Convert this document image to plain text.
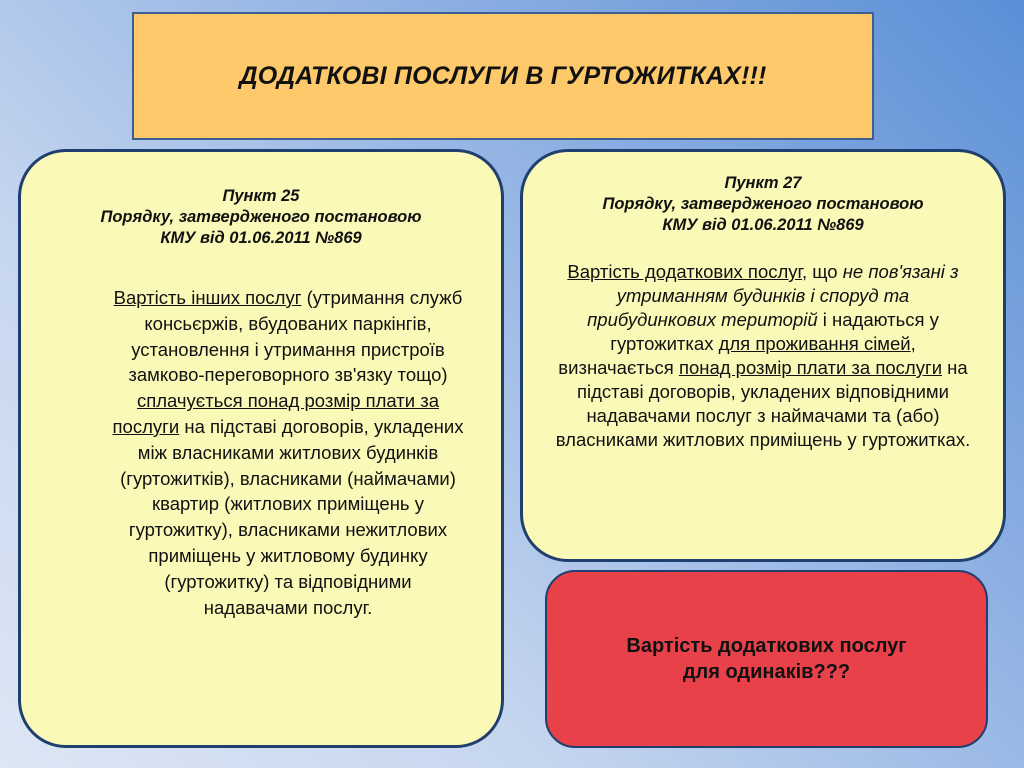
ДОДАТКОВІ ПОСЛУГИ В ГУРТОЖИТКАХ!!!
Пункт 25
Порядку, затвердженого постановою
КМУ від 01.06.2011 №869
Вартість інших послуг (утримання служб консьєржів, вбудованих паркінгів, установлення і утримання пристроїв замково-переговорного зв'язку тощо) сплачується понад розмір плати за послуги на підставі договорів, укладених між власниками житлових будинків (гуртожитків), власниками (наймачами) квартир (житлових приміщень у гуртожитку), власниками нежитлових приміщень у житловому будинку (гуртожитку) та відповідними надавачами послуг.
Пункт 27
Порядку, затвердженого постановою
КМУ від 01.06.2011 №869
Вартість додаткових послуг, що не пов'язані з утриманням будинків і споруд та прибудинкових територій і надаються у гуртожитках для проживання сімей, визначається понад розмір плати за послуги на підставі договорів, укладених відповідними надавачами послуг з наймачами та (або) власниками житлових приміщень у гуртожитках.
Вартість додаткових послуг
для одинаків???
